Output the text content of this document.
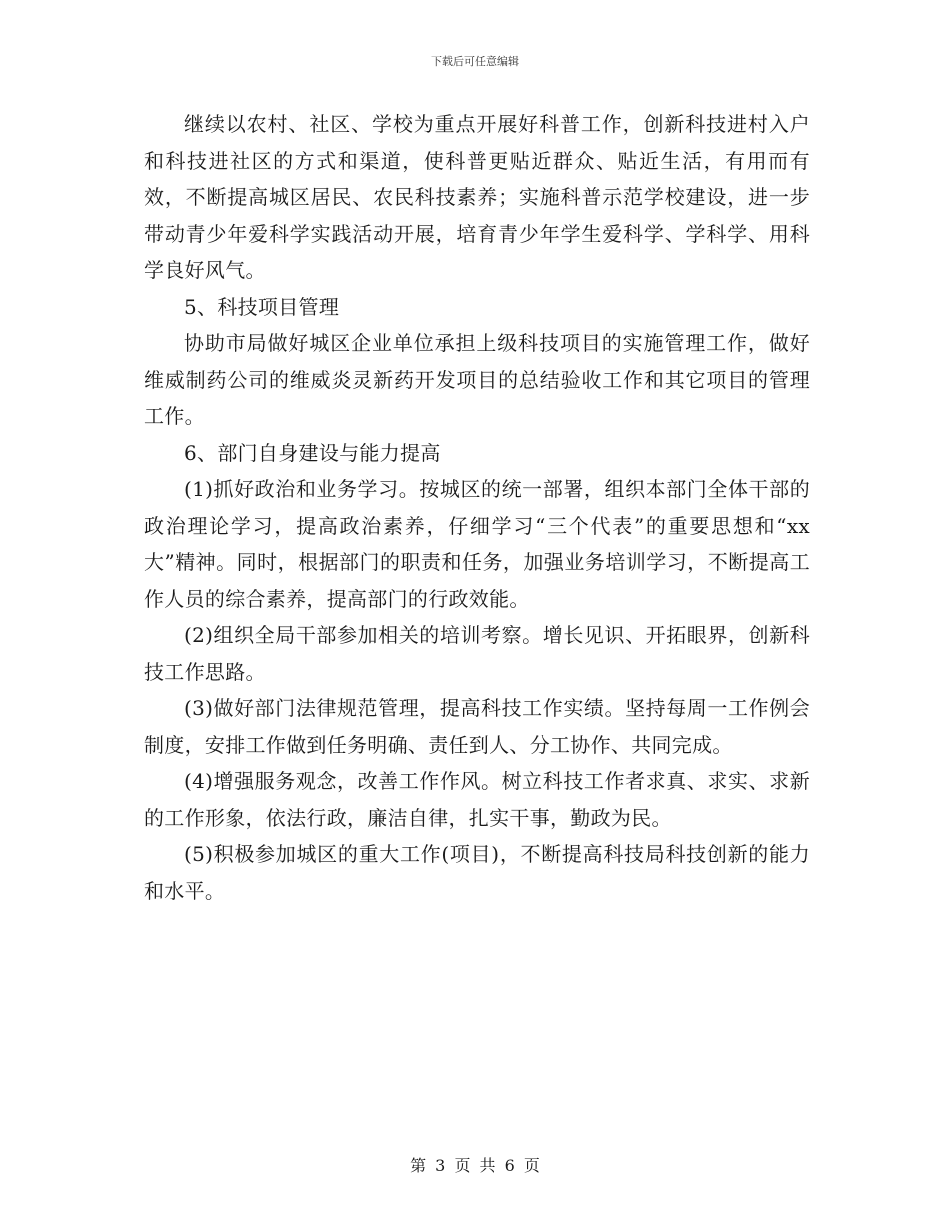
下载后可任意编辑

继续以农村、社区、学校为重点开展好科普工作，创新科技进村入户和科技进社区的方式和渠道，使科普更贴近群众、贴近生活，有用而有效，不断提高城区居民、农民科技素养；实施科普示范学校建设，进一步带动青少年爱科学实践活动开展，培育青少年学生爱科学、学科学、用科学良好风气。

5、科技项目管理

协助市局做好城区企业单位承担上级科技项目的实施管理工作，做好维威制药公司的维威炎灵新药开发项目的总结验收工作和其它项目的管理工作。

6、部门自身建设与能力提高

(1)抓好政治和业务学习。按城区的统一部署，组织本部门全体干部的政治理论学习，提高政治素养，仔细学习“三个代表”的重要思想和“xx大”精神。同时，根据部门的职责和任务，加强业务培训学习，不断提高工作人员的综合素养，提高部门的行政效能。

(2)组织全局干部参加相关的培训考察。增长见识、开拓眼界，创新科技工作思路。

(3)做好部门法律规范管理，提高科技工作实绩。坚持每周一工作例会制度，安排工作做到任务明确、责任到人、分工协作、共同完成。

(4)增强服务观念，改善工作作风。树立科技工作者求真、求实、求新的工作形象，依法行政，廉洁自律，扎实干事，勤政为民。

(5)积极参加城区的重大工作(项目)，不断提高科技局科技创新的能力和水平。

第 3 页 共 6 页
